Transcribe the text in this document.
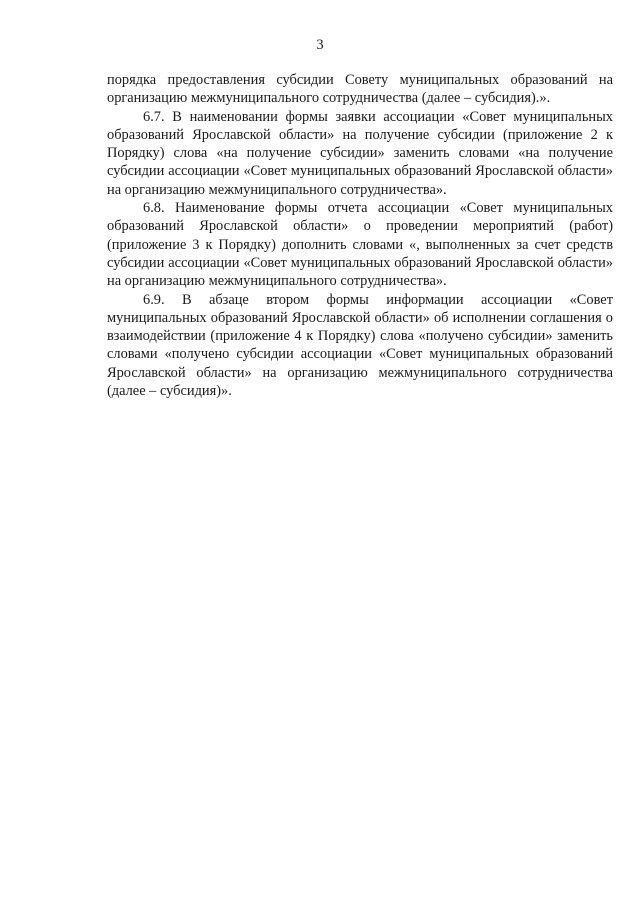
3

порядка предоставления субсидии Совету муниципальных образований на организацию межмуниципального сотрудничества (далее – субсидия).».

6.7. В наименовании формы заявки ассоциации «Совет муниципальных образований Ярославской области» на получение субсидии (приложение 2 к Порядку) слова «на получение субсидии» заменить словами «на получение субсидии ассоциации «Совет муниципальных образований Ярославской области» на организацию межмуниципального сотрудничества».

6.8. Наименование формы отчета ассоциации «Совет муниципальных образований Ярославской области» о проведении мероприятий (работ) (приложение 3 к Порядку) дополнить словами «, выполненных за счет средств субсидии ассоциации «Совет муниципальных образований Ярославской области» на организацию межмуниципального сотрудничества».

6.9. В абзаце втором формы информации ассоциации «Совет муниципальных образований Ярославской области» об исполнении соглашения о взаимодействии (приложение 4 к Порядку) слова «получено субсидии» заменить словами «получено субсидии ассоциации «Совет муниципальных образований Ярославской области» на организацию межмуниципального сотрудничества (далее – субсидия)».
